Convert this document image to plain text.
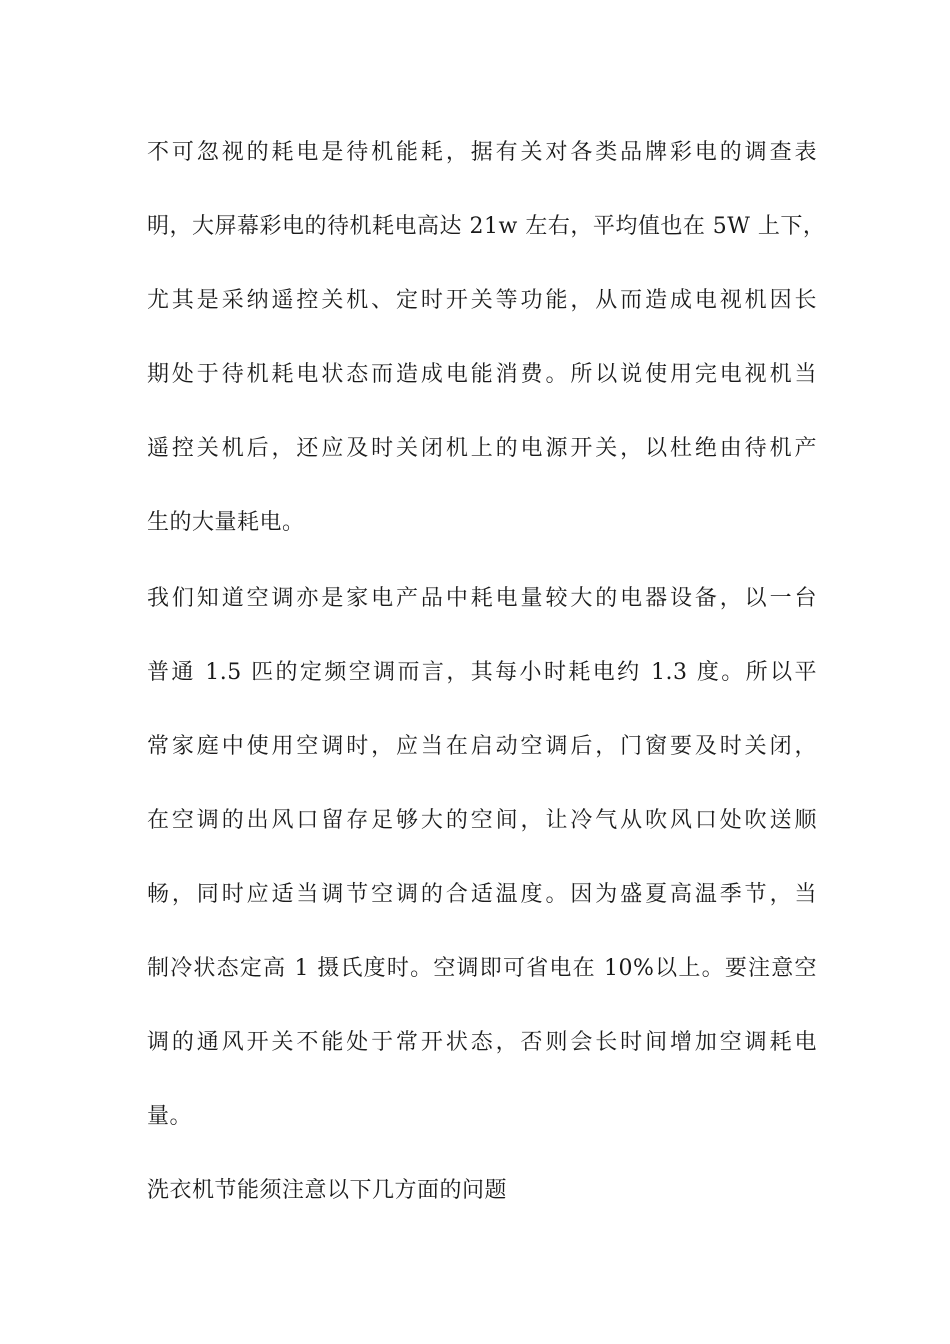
不可忽视的耗电是待机能耗，据有关对各类品牌彩电的调查表
明，大屏幕彩电的待机耗电高达 21w 左右，平均值也在 5W 上下，
尤其是采纳遥控关机、定时开关等功能，从而造成电视机因长
期处于待机耗电状态而造成电能消费。所以说使用完电视机当
遥控关机后，还应及时关闭机上的电源开关，以杜绝由待机产
生的大量耗电。
我们知道空调亦是家电产品中耗电量较大的电器设备，以一台
普通 1.5 匹的定频空调而言，其每小时耗电约 1.3 度。所以平
常家庭中使用空调时，应当在启动空调后，门窗要及时关闭，
在空调的出风口留存足够大的空间，让冷气从吹风口处吹送顺
畅，同时应适当调节空调的合适温度。因为盛夏高温季节，当
制冷状态定高 1 摄氏度时。空调即可省电在 10%以上。要注意空
调的通风开关不能处于常开状态，否则会长时间增加空调耗电
量。
洗衣机节能须注意以下几方面的问题
